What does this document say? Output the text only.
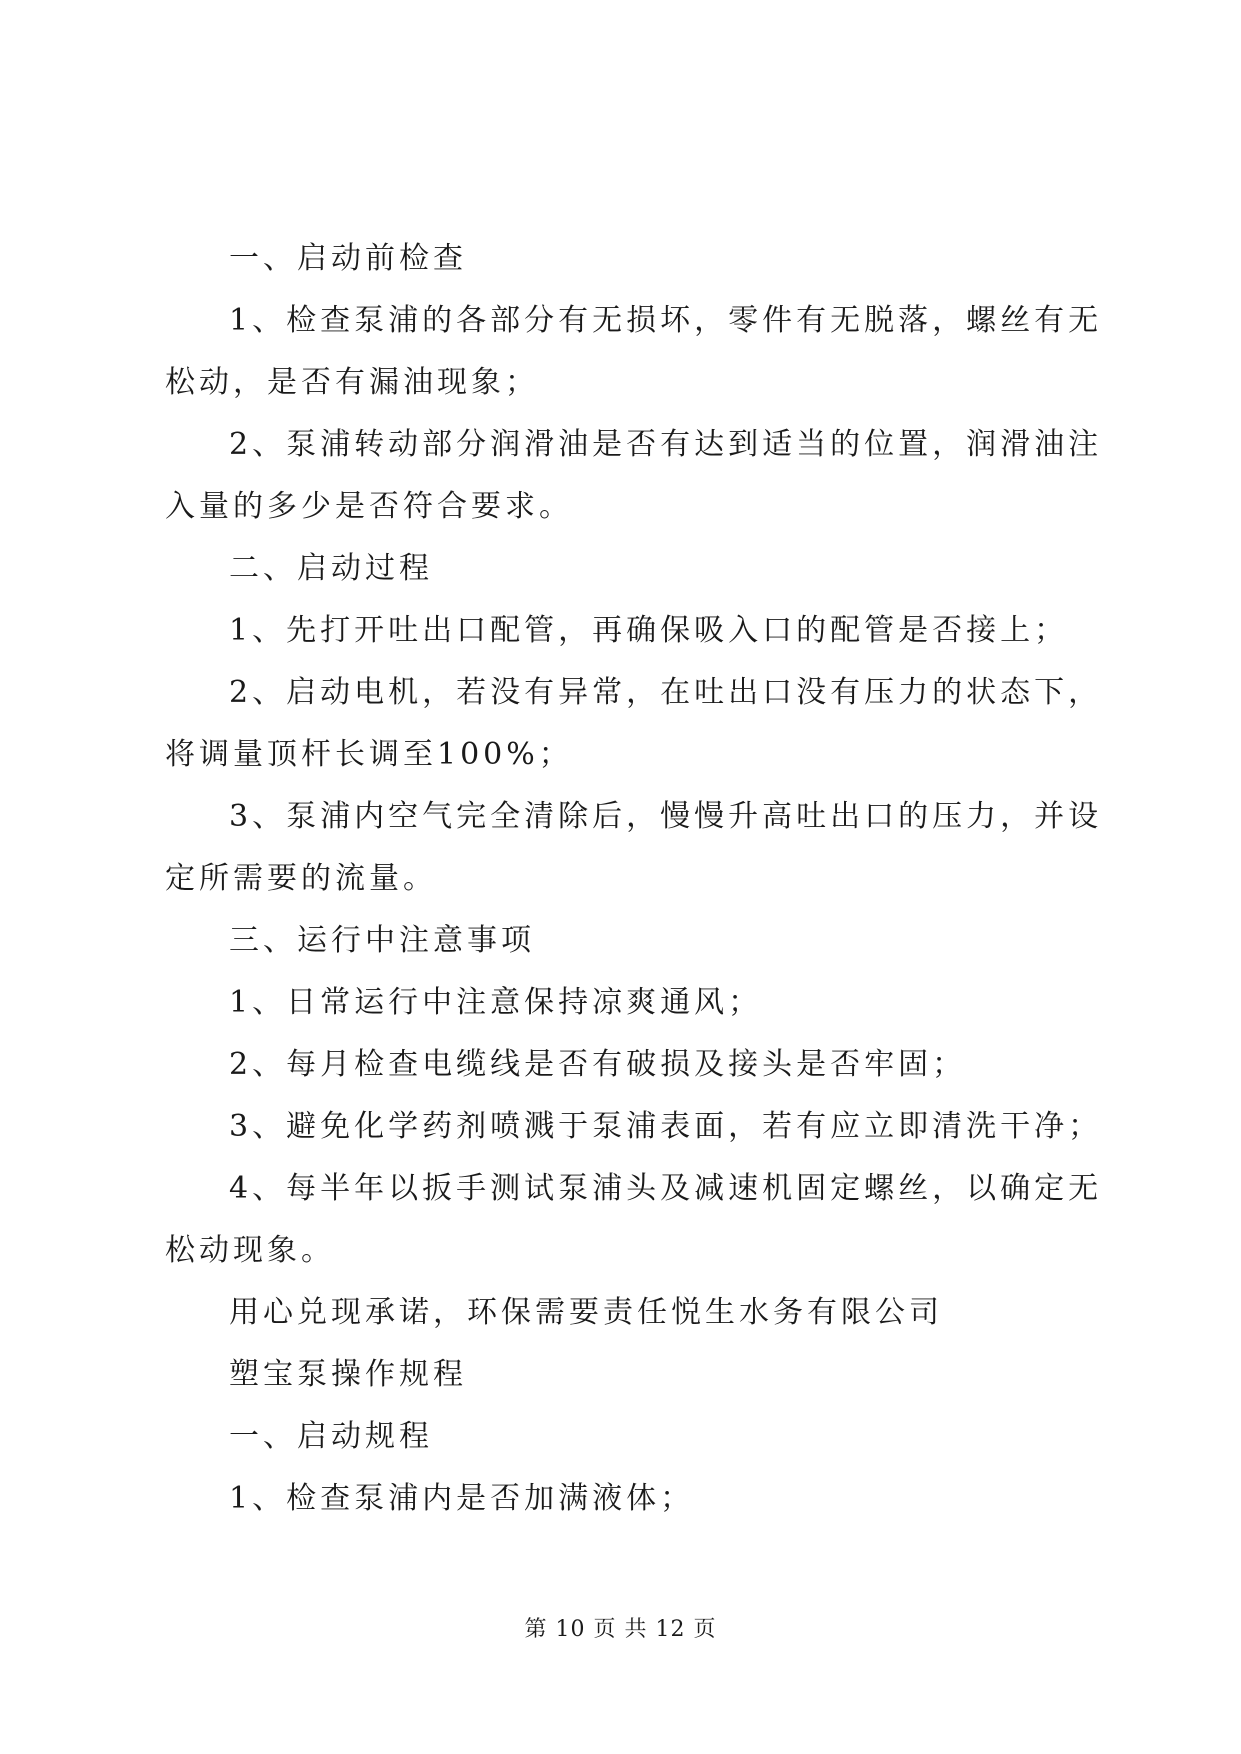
一、启动前检查

1、检查泵浦的各部分有无损坏，零件有无脱落，螺丝有无

松动，是否有漏油现象；

2、泵浦转动部分润滑油是否有达到适当的位置，润滑油注

入量的多少是否符合要求。

二、启动过程

1、先打开吐出口配管，再确保吸入口的配管是否接上；

2、启动电机，若没有异常，在吐出口没有压力的状态下，

将调量顶杆长调至100%；

3、泵浦内空气完全清除后，慢慢升高吐出口的压力，并设

定所需要的流量。

三、运行中注意事项

1、日常运行中注意保持凉爽通风；

2、每月检查电缆线是否有破损及接头是否牢固；

3、避免化学药剂喷溅于泵浦表面，若有应立即清洗干净；

4、每半年以扳手测试泵浦头及减速机固定螺丝，以确定无

松动现象。

用心兑现承诺，环保需要责任悦生水务有限公司

塑宝泵操作规程

一、启动规程

1、检查泵浦内是否加满液体；

第 10 页 共 12 页
